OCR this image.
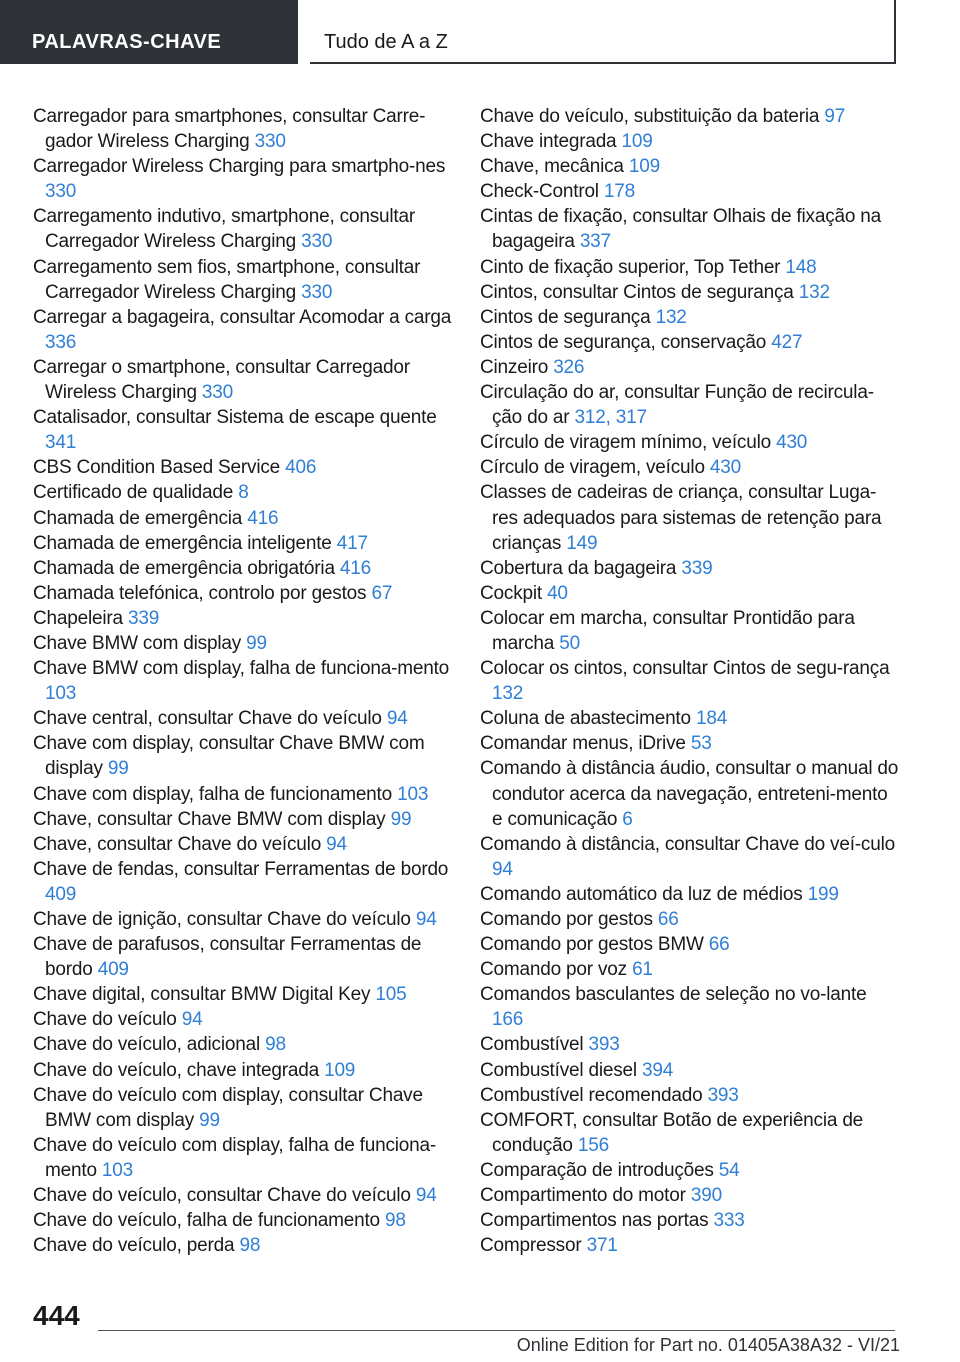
PALAVRAS-CHAVE	Tudo de A a Z

Carregador para smartphones, consultar Carre-gador Wireless Charging 330

Carregador Wireless Charging para smartpho-nes 330

Carregamento indutivo, smartphone, consultar Carregador Wireless Charging 330

Carregamento sem fios, smartphone, consultar Carregador Wireless Charging 330

Carregar a bagageira, consultar Acomodar a carga 336

Carregar o smartphone, consultar Carregador Wireless Charging 330

Catalisador, consultar Sistema de escape quente 341

CBS Condition Based Service 406

Certificado de qualidade 8

Chamada de emergência 416

Chamada de emergência inteligente 417

Chamada de emergência obrigatória 416

Chamada telefónica, controlo por gestos 67

Chapeleira 339

Chave BMW com display 99

Chave BMW com display, falha de funciona-mento 103

Chave central, consultar Chave do veículo 94

Chave com display, consultar Chave BMW com display 99

Chave com display, falha de funcionamento 103

Chave, consultar Chave BMW com display 99

Chave, consultar Chave do veículo 94

Chave de fendas, consultar Ferramentas de bordo 409

Chave de ignição, consultar Chave do veículo 94

Chave de parafusos, consultar Ferramentas de bordo 409

Chave digital, consultar BMW Digital Key 105

Chave do veículo 94

Chave do veículo, adicional 98

Chave do veículo, chave integrada 109

Chave do veículo com display, consultar Chave BMW com display 99

Chave do veículo com display, falha de funciona-mento 103

Chave do veículo, consultar Chave do veículo 94

Chave do veículo, falha de funcionamento 98

Chave do veículo, perda 98

Chave do veículo, substituição da bateria 97

Chave integrada 109

Chave, mecânica 109

Check-Control 178

Cintas de fixação, consultar Olhais de fixação na bagageira 337

Cinto de fixação superior, Top Tether 148

Cintos, consultar Cintos de segurança 132

Cintos de segurança 132

Cintos de segurança, conservação 427

Cinzeiro 326

Circulação do ar, consultar Função de recircula-ção do ar 312, 317

Círculo de viragem mínimo, veículo 430

Círculo de viragem, veículo 430

Classes de cadeiras de criança, consultar Luga-res adequados para sistemas de retenção para crianças 149

Cobertura da bagageira 339

Cockpit 40

Colocar em marcha, consultar Prontidão para marcha 50

Colocar os cintos, consultar Cintos de segu-rança 132

Coluna de abastecimento 184

Comandar menus, iDrive 53

Comando à distância áudio, consultar o manual do condutor acerca da navegação, entreteni-mento e comunicação 6

Comando à distância, consultar Chave do veí-culo 94

Comando automático da luz de médios 199

Comando por gestos 66

Comando por gestos BMW 66

Comando por voz 61

Comandos basculantes de seleção no vo-lante 166

Combustível 393

Combustível diesel 394

Combustível recomendado 393

COMFORT, consultar Botão de experiência de condução 156

Comparação de introduções 54

Compartimento do motor 390

Compartimentos nas portas 333

Compressor 371

444
Online Edition for Part no. 01405A38A32 - VI/21
